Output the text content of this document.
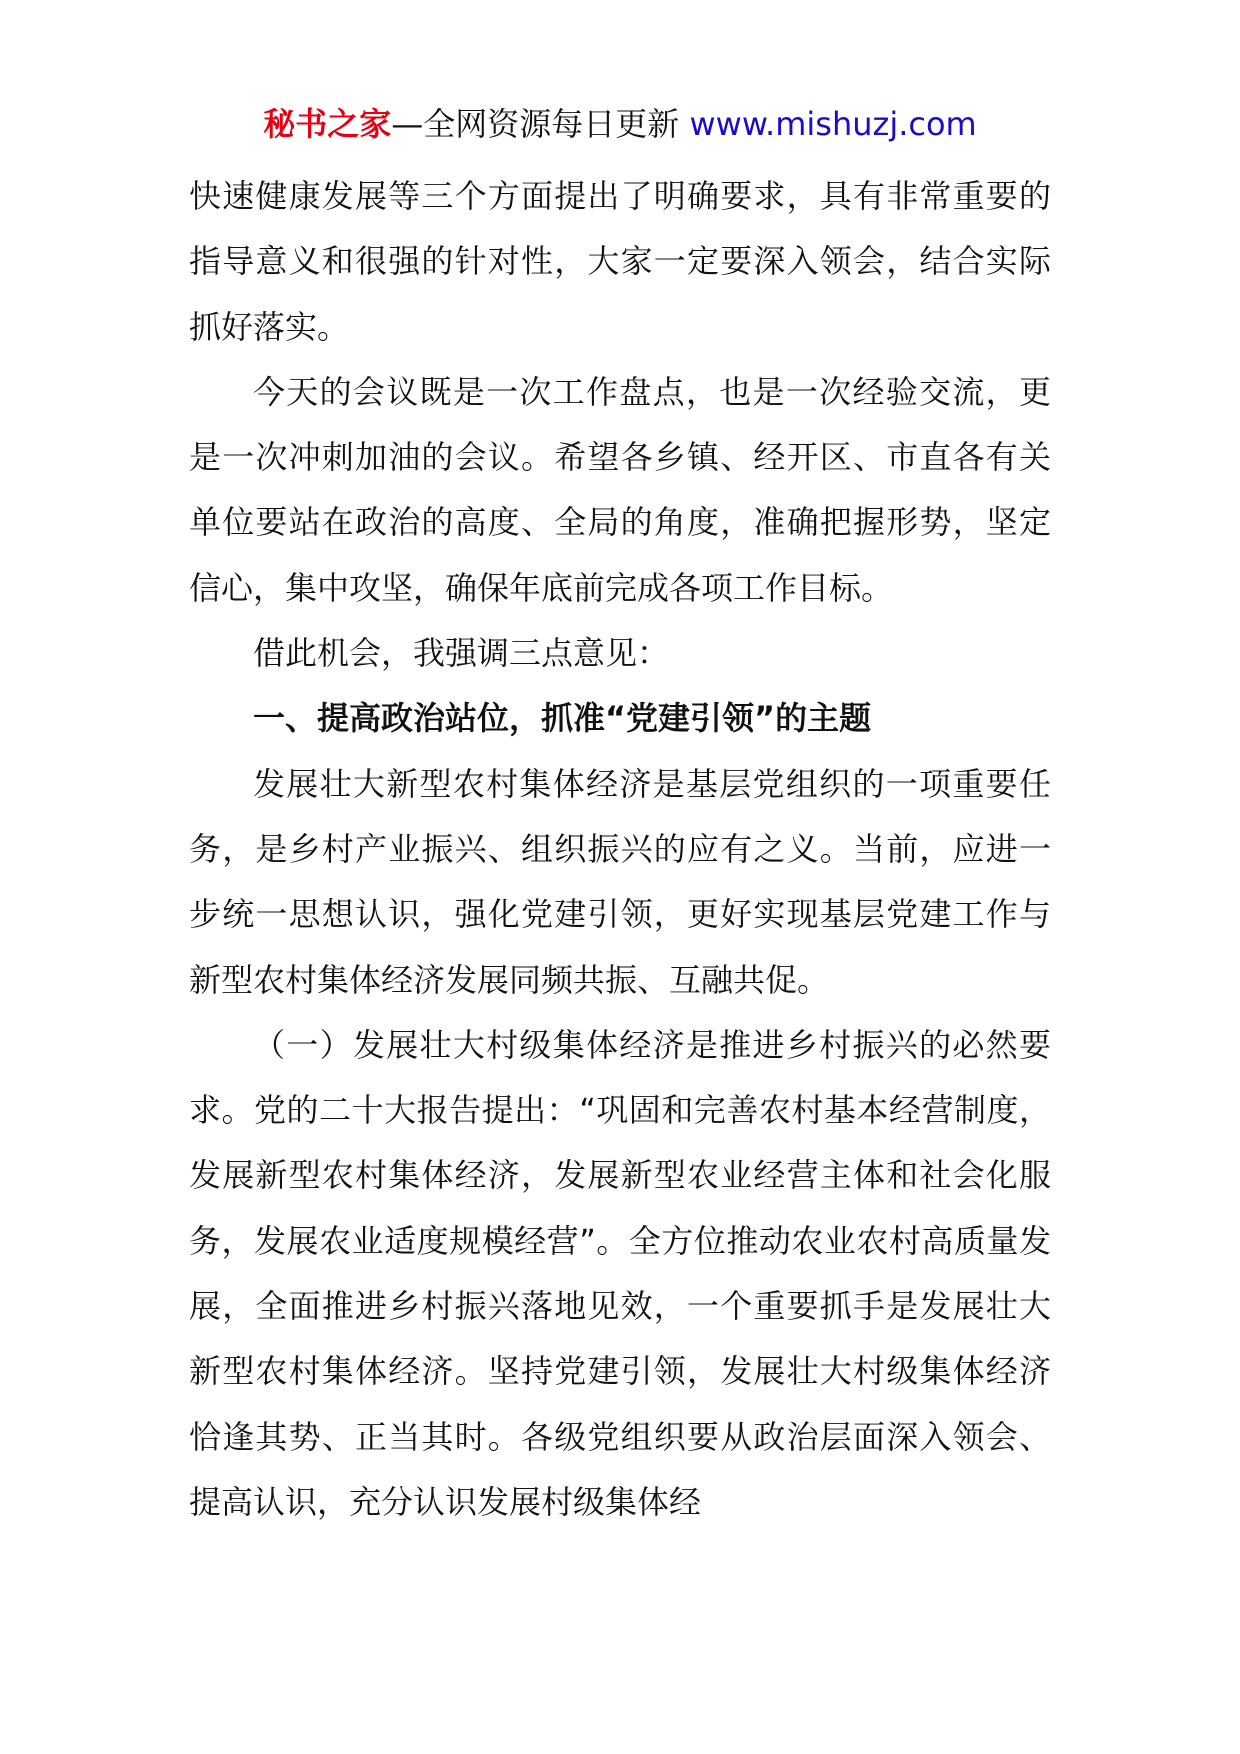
秘书之家—全网资源每日更新 www.mishuzj.com

快速健康发展等三个方面提出了明确要求，具有非常重要的指导意义和很强的针对性，大家一定要深入领会，结合实际抓好落实。

今天的会议既是一次工作盘点，也是一次经验交流，更是一次冲刺加油的会议。希望各乡镇、经开区、市直各有关单位要站在政治的高度、全局的角度，准确把握形势，坚定信心，集中攻坚，确保年底前完成各项工作目标。

借此机会，我强调三点意见：

一、提高政治站位，抓准“党建引领”的主题

发展壮大新型农村集体经济是基层党组织的一项重要任务，是乡村产业振兴、组织振兴的应有之义。当前，应进一步统一思想认识，强化党建引领，更好实现基层党建工作与新型农村集体经济发展同频共振、互融共促。

（一）发展壮大村级集体经济是推进乡村振兴的必然要求。党的二十大报告提出：“巩固和完善农村基本经营制度，发展新型农村集体经济，发展新型农业经营主体和社会化服务，发展农业适度规模经营”。全方位推动农业农村高质量发展，全面推进乡村振兴落地见效，一个重要抓手是发展壮大新型农村集体经济。坚持党建引领，发展壮大村级集体经济恰逢其势、正当其时。各级党组织要从政治层面深入领会、提高认识，充分认识发展村级集体经
